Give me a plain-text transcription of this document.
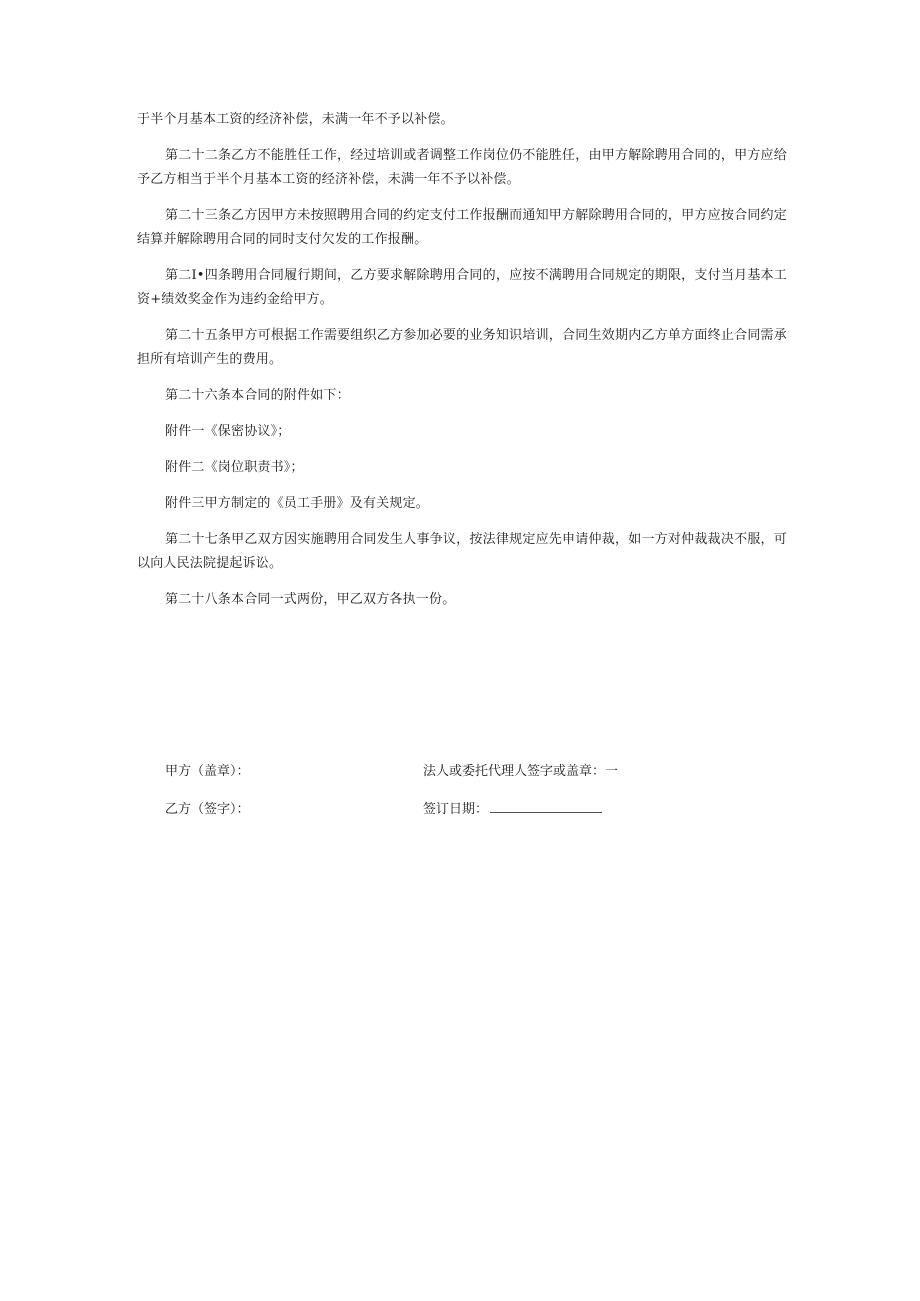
于半个月基本工资的经济补偿，未满一年不予以补偿。

第二十二条乙方不能胜任工作，经过培训或者调整工作岗位仍不能胜任，由甲方解除聘用合同的，甲方应给予乙方相当于半个月基本工资的经济补偿，未满一年不予以补偿。

第二十三条乙方因甲方未按照聘用合同的约定支付工作报酬而通知甲方解除聘用合同的，甲方应按合同约定结算并解除聘用合同的同时支付欠发的工作报酬。

第二I•四条聘用合同履行期间，乙方要求解除聘用合同的，应按不满聘用合同规定的期限，支付当月基本工资+绩效奖金作为违约金给甲方。

第二十五条甲方可根据工作需要组织乙方参加必要的业务知识培训，合同生效期内乙方单方面终止合同需承担所有培训产生的费用。

第二十六条本合同的附件如下：

附件一《保密协议》；

附件二《岗位职责书》；

附件三甲方制定的《员工手册》及有关规定。

第二十七条甲乙双方因实施聘用合同发生人事争议，按法律规定应先申请仲裁，如一方对仲裁裁决不服，可以向人民法院提起诉讼。

第二十八条本合同一式两份，甲乙双方各执一份。

甲方（盖章）：	法人或委托代理人签字或盖章：一
乙方（签字）：	签订日期：
